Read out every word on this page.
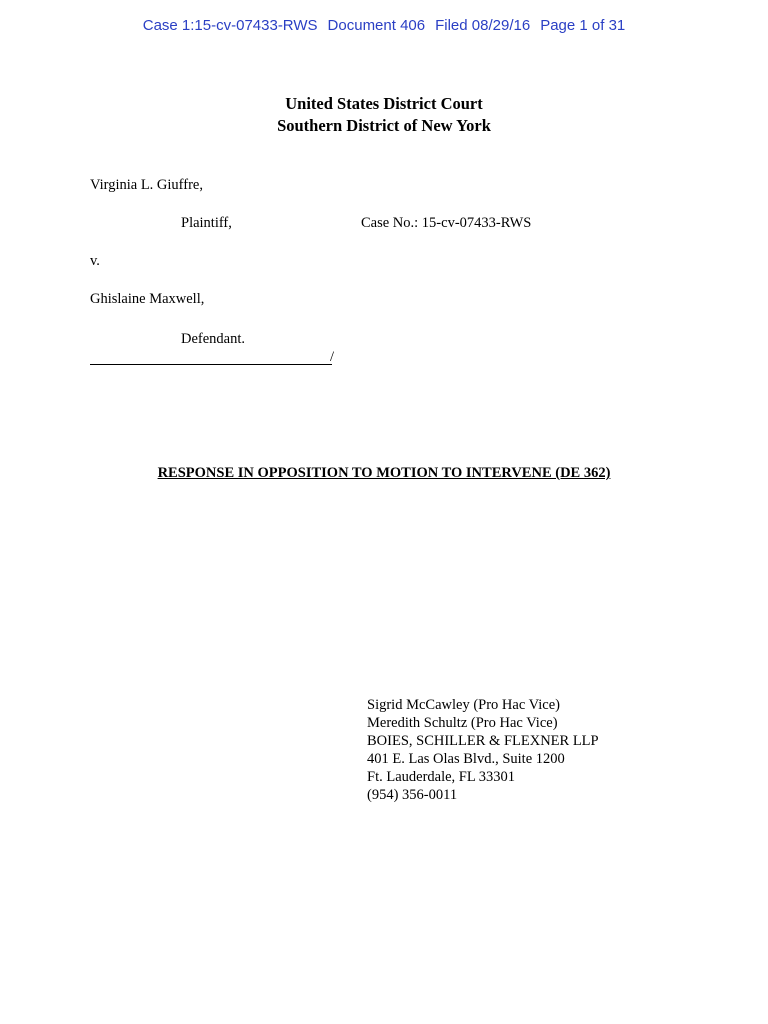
Case 1:15-cv-07433-RWS Document 406 Filed 08/29/16 Page 1 of 31
United States District Court
Southern District of New York
Virginia L. Giuffre,
Plaintiff,	Case No.: 15-cv-07433-RWS
v.
Ghislaine Maxwell,
Defendant.
/
RESPONSE IN OPPOSITION TO MOTION TO INTERVENE (DE 362)
Sigrid McCawley (Pro Hac Vice)
Meredith Schultz (Pro Hac Vice)
BOIES, SCHILLER & FLEXNER LLP
401 E. Las Olas Blvd., Suite 1200
Ft. Lauderdale, FL 33301
(954) 356-0011
